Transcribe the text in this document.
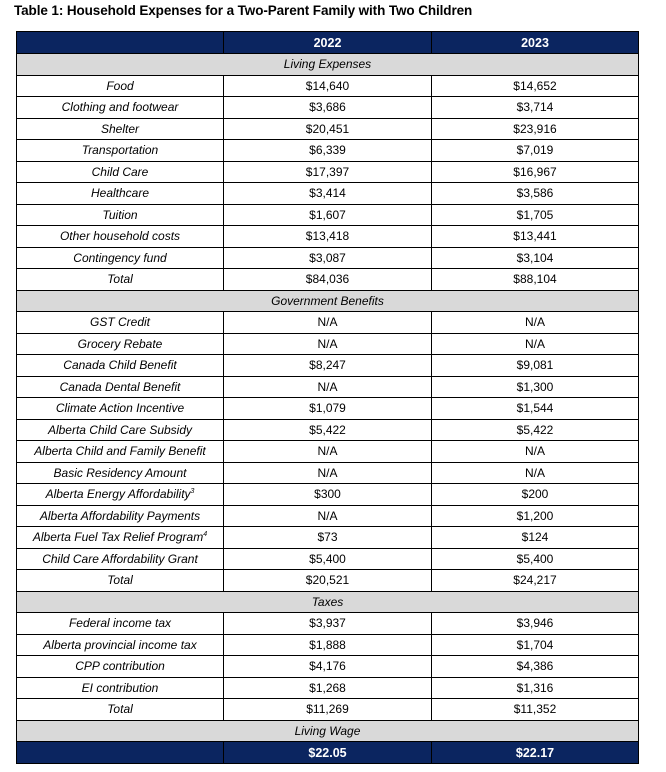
Table 1: Household Expenses for a Two-Parent Family with Two Children
	2022	2023
Living Expenses		
Food	$14,640	$14,652
Clothing and footwear	$3,686	$3,714
Shelter	$20,451	$23,916
Transportation	$6,339	$7,019
Child Care	$17,397	$16,967
Healthcare	$3,414	$3,586
Tuition	$1,607	$1,705
Other household costs	$13,418	$13,441
Contingency fund	$3,087	$3,104
Total	$84,036	$88,104
Government Benefits		
GST Credit	N/A	N/A
Grocery Rebate	N/A	N/A
Canada Child Benefit	$8,247	$9,081
Canada Dental Benefit	N/A	$1,300
Climate Action Incentive	$1,079	$1,544
Alberta Child Care Subsidy	$5,422	$5,422
Alberta Child and Family Benefit	N/A	N/A
Basic Residency Amount	N/A	N/A
Alberta Energy Affordability$^3$	$300	$200
Alberta Affordability Payments	N/A	$1,200
Alberta Fuel Tax Relief Program$^4$	$73	$124
Child Care Affordability Grant	$5,400	$5,400
Total	$20,521	$24,217
Taxes		
Federal income tax	$3,937	$3,946
Alberta provincial income tax	$1,888	$1,704
CPP contribution	$4,176	$4,386
EI contribution	$1,268	$1,316
Total	$11,269	$11,352
Living Wage		
	$22.05	$22.17
